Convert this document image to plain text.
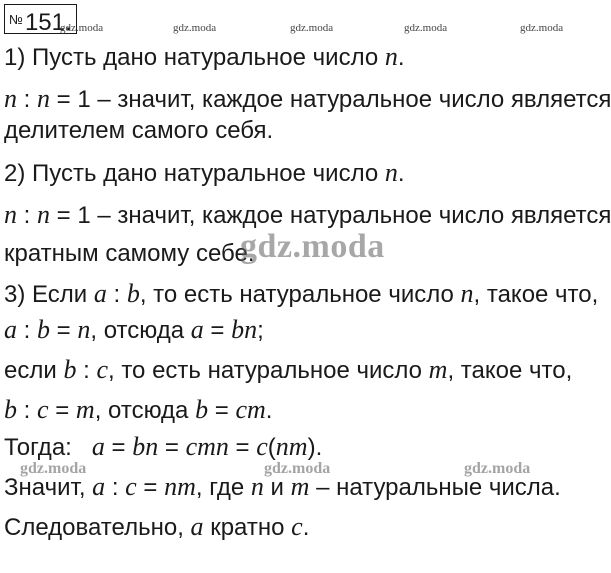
№151.
gdz.moda	gdz.moda	gdz.moda	gdz.moda	gdz.moda
1) Пусть дано натуральное число n.
n : n = 1 – значит, каждое натуральное число является
делителем самого себя.
2) Пусть дано натуральное число n.
n : n = 1 – значит, каждое натуральное число является
кратным самому себе.
3) Если a : b, то есть натуральное число n, такое что,
a : b = n, отсюда a = bn;
если b : c, то есть натуральное число m, такое что,
b : c = m, отсюда b = cm.
Тогда:   a = bn = cmn = c(nm).
Значит, a : c = nm, где n и m – натуральные числа.
Следовательно, a кратно c.
gdz.moda
gdz.moda	gdz.moda	gdz.moda
